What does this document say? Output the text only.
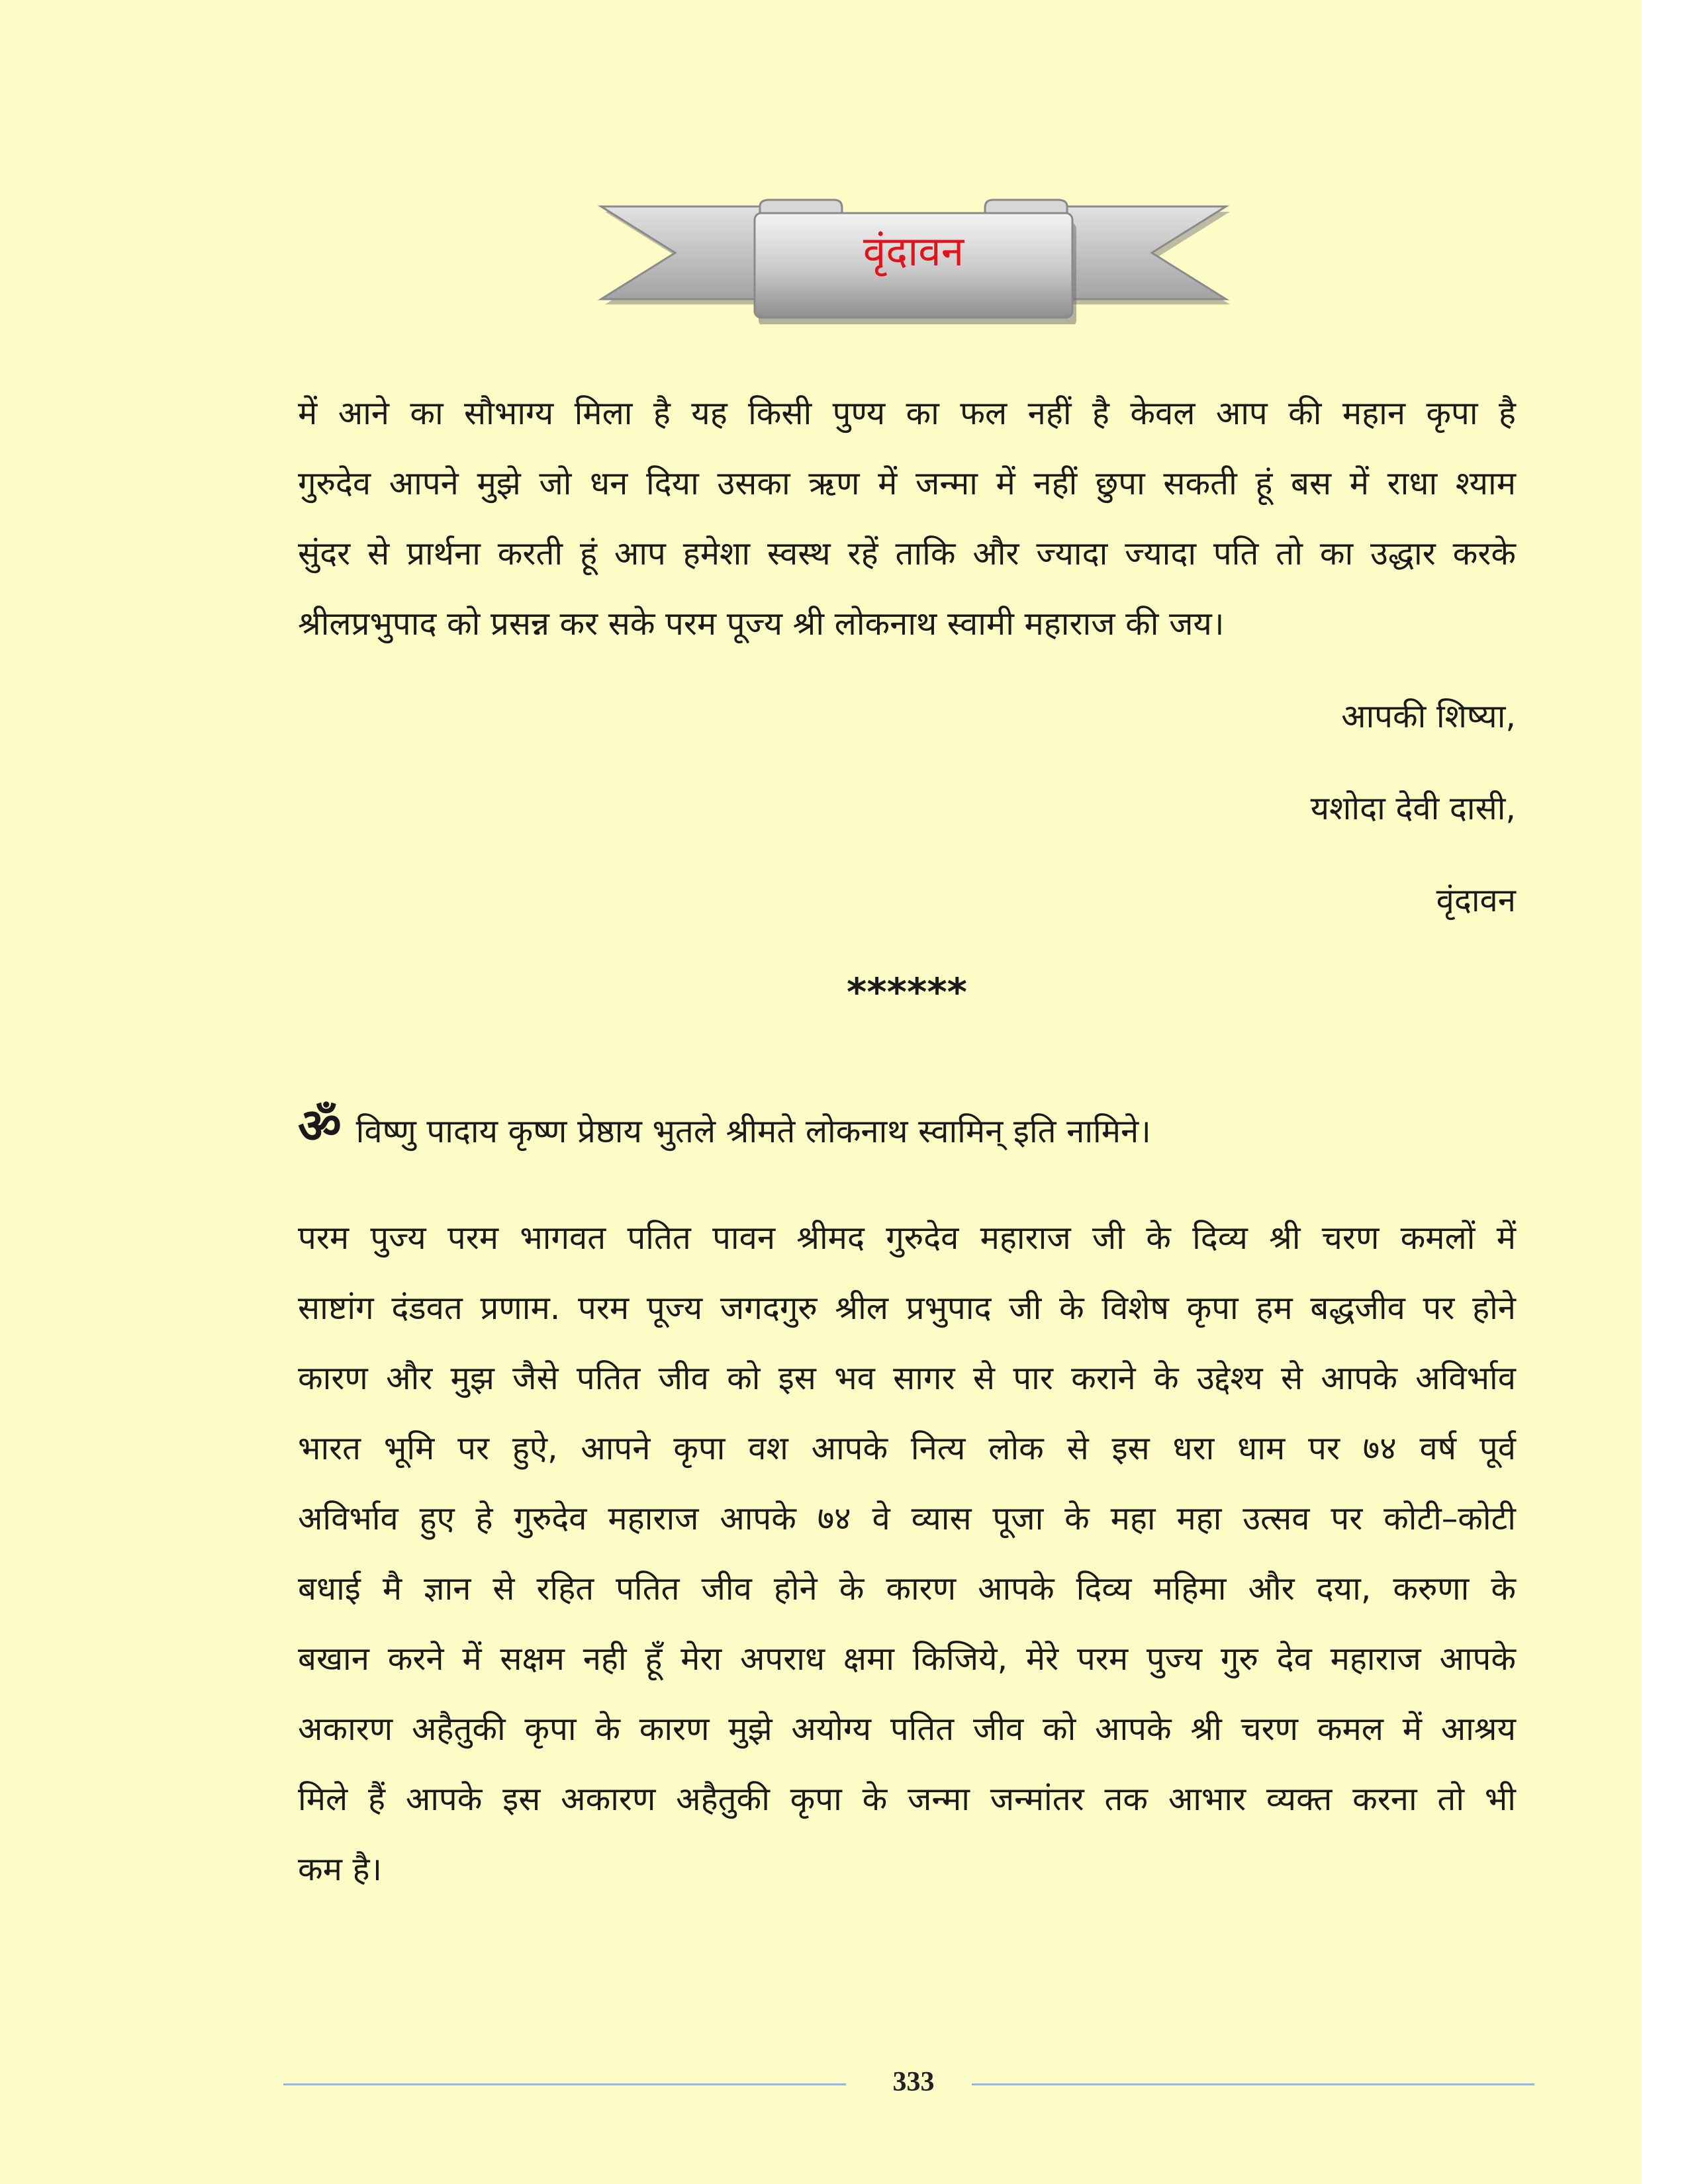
वृंदावन
में आने का सौभाग्य मिला है यह किसी पुण्य का फल नहीं है केवल आप की महान कृपा है
गुरुदेव आपने मुझे जो धन दिया उसका ऋण में जन्मा में नहीं छुपा सकती हूं बस में राधा श्याम
सुंदर से प्रार्थना करती हूं आप हमेशा स्वस्थ रहें ताकि और ज्यादा ज्यादा पति तो का उद्धार करके
श्रीलप्रभुपाद को प्रसन्न कर सके परम पूज्य श्री लोकनाथ स्वामी महाराज की जय।

आपकी शिष्या,

यशोदा देवी दासी,

वृंदावन

******

ॐ विष्णु पादाय कृष्ण प्रेष्ठाय भुतले श्रीमते लोकनाथ स्वामिन् इति नामिने।

परम पुज्य परम भागवत पतित पावन श्रीमद गुरुदेव महाराज जी के दिव्य श्री चरण कमलों में
साष्टांग दंडवत प्रणाम. परम पूज्य जगदगुरु श्रील प्रभुपाद जी के विशेष कृपा हम बद्धजीव पर होने
कारण और मुझ जैसे पतित जीव को इस भव सागर से पार कराने के उद्देश्य से आपके अविर्भाव
भारत भूमि पर हुऐ, आपने कृपा वश आपके नित्य लोक से इस धरा धाम पर ७४ वर्ष पूर्व
अविर्भाव हुए हे गुरुदेव महाराज आपके ७४ वे व्यास पूजा के महा महा उत्सव पर कोटी–कोटी
बधाई मै ज्ञान से रहित पतित जीव होने के कारण आपके दिव्य महिमा और दया, करुणा के
बखान करने में सक्षम नही हूँ मेरा अपराध क्षमा किजिये, मेरे परम पुज्य गुरु देव महाराज आपके
अकारण अहैतुकी कृपा के कारण मुझे अयोग्य पतित जीव को आपके श्री चरण कमल में आश्रय
मिले हैं आपके इस अकारण अहैतुकी कृपा के जन्मा जन्मांतर तक आभार व्यक्त करना तो भी
कम है।
333
